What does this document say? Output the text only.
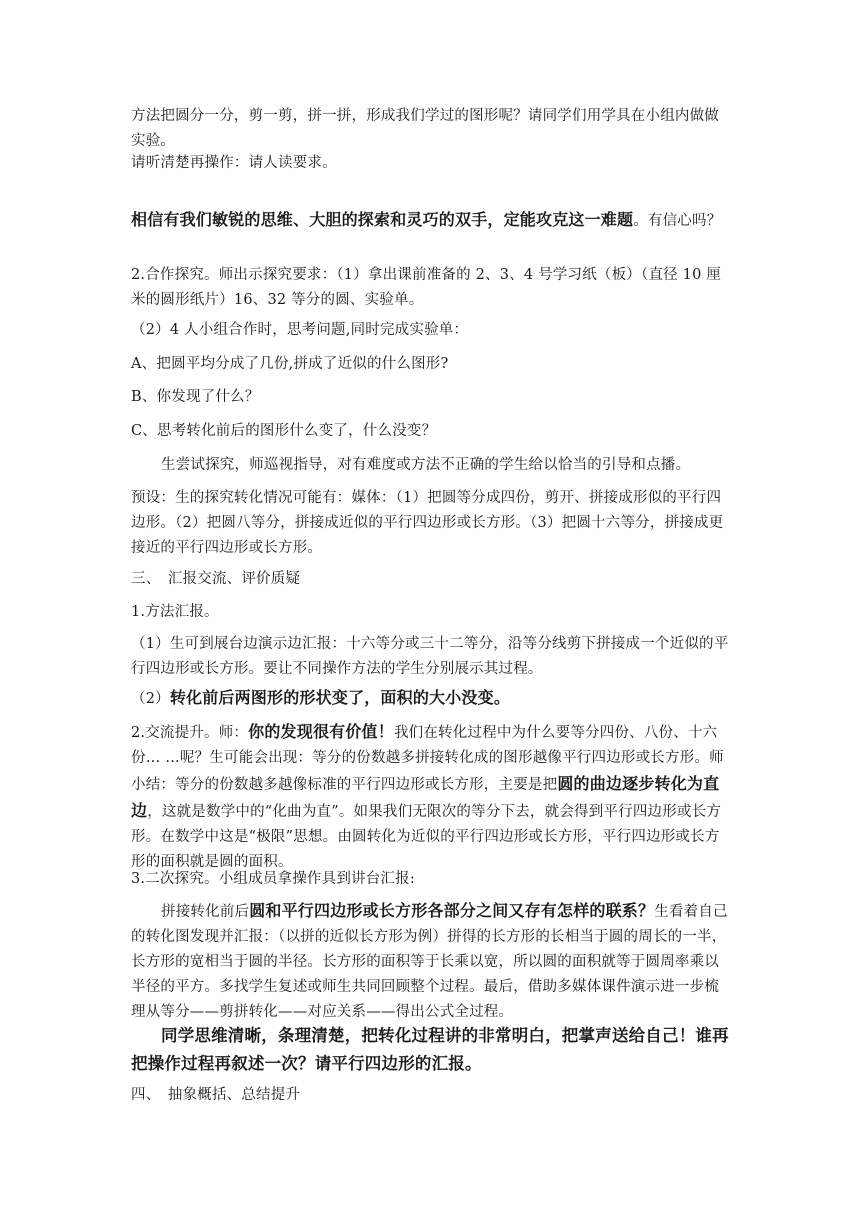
方法把圆分一分，剪一剪，拼一拼，形成我们学过的图形呢？请同学们用学具在小组内做做实验。

请听清楚再操作：请人读要求。

相信有我们敏锐的思维、大胆的探索和灵巧的双手，定能攻克这一难题。有信心吗？

2.合作探究。师出示探究要求：（1）拿出课前准备的 2、3、4 号学习纸（板）（直径 10 厘米的圆形纸片）16、32 等分的圆、实验单。

（2）4 人小组合作时，思考问题,同时完成实验单：

A、把圆平均分成了几份,拼成了近似的什么图形?

B、你发现了什么？

C、思考转化前后的图形什么变了，什么没变？

生尝试探究，师巡视指导，对有难度或方法不正确的学生给以恰当的引导和点播。

预设：生的探究转化情况可能有：媒体：（1）把圆等分成四份，剪开、拼接成形似的平行四边形。（2）把圆八等分，拼接成近似的平行四边形或长方形。（3）把圆十六等分，拼接成更接近的平行四边形或长方形。

三、　汇报交流、评价质疑

1.方法汇报。

（1）生可到展台边演示边汇报：十六等分或三十二等分，沿等分线剪下拼接成一个近似的平行四边形或长方形。要让不同操作方法的学生分别展示其过程。

（2）转化前后两图形的形状变了，面积的大小没变。

2.交流提升。师：你的发现很有价值！我们在转化过程中为什么要等分四份、八份、十六份… …呢？生可能会出现：等分的份数越多拼接转化成的图形越像平行四边形或长方形。师小结：等分的份数越多越像标准的平行四边形或长方形，主要是把圆的曲边逐步转化为直边，这就是数学中的“化曲为直”。如果我们无限次的等分下去，就会得到平行四边形或长方形。在数学中这是“极限”思想。由圆转化为近似的平行四边形或长方形，平行四边形或长方形的面积就是圆的面积。

3.二次探究。小组成员拿操作具到讲台汇报:

拼接转化前后圆和平行四边形或长方形各部分之间又存有怎样的联系？生看着自己的转化图发现并汇报：（以拼的近似长方形为例）拼得的长方形的长相当于圆的周长的一半，长方形的宽相当于圆的半径。长方形的面积等于长乘以宽，所以圆的面积就等于圆周率乘以半径的平方。多找学生复述或师生共同回顾整个过程。最后，借助多媒体课件演示进一步梳理从等分——剪拼转化——对应关系——得出公式全过程。

同学思维清晰，条理清楚，把转化过程讲的非常明白，把掌声送给自己！谁再把操作过程再叙述一次？请平行四边形的汇报。

四、　抽象概括、总结提升
